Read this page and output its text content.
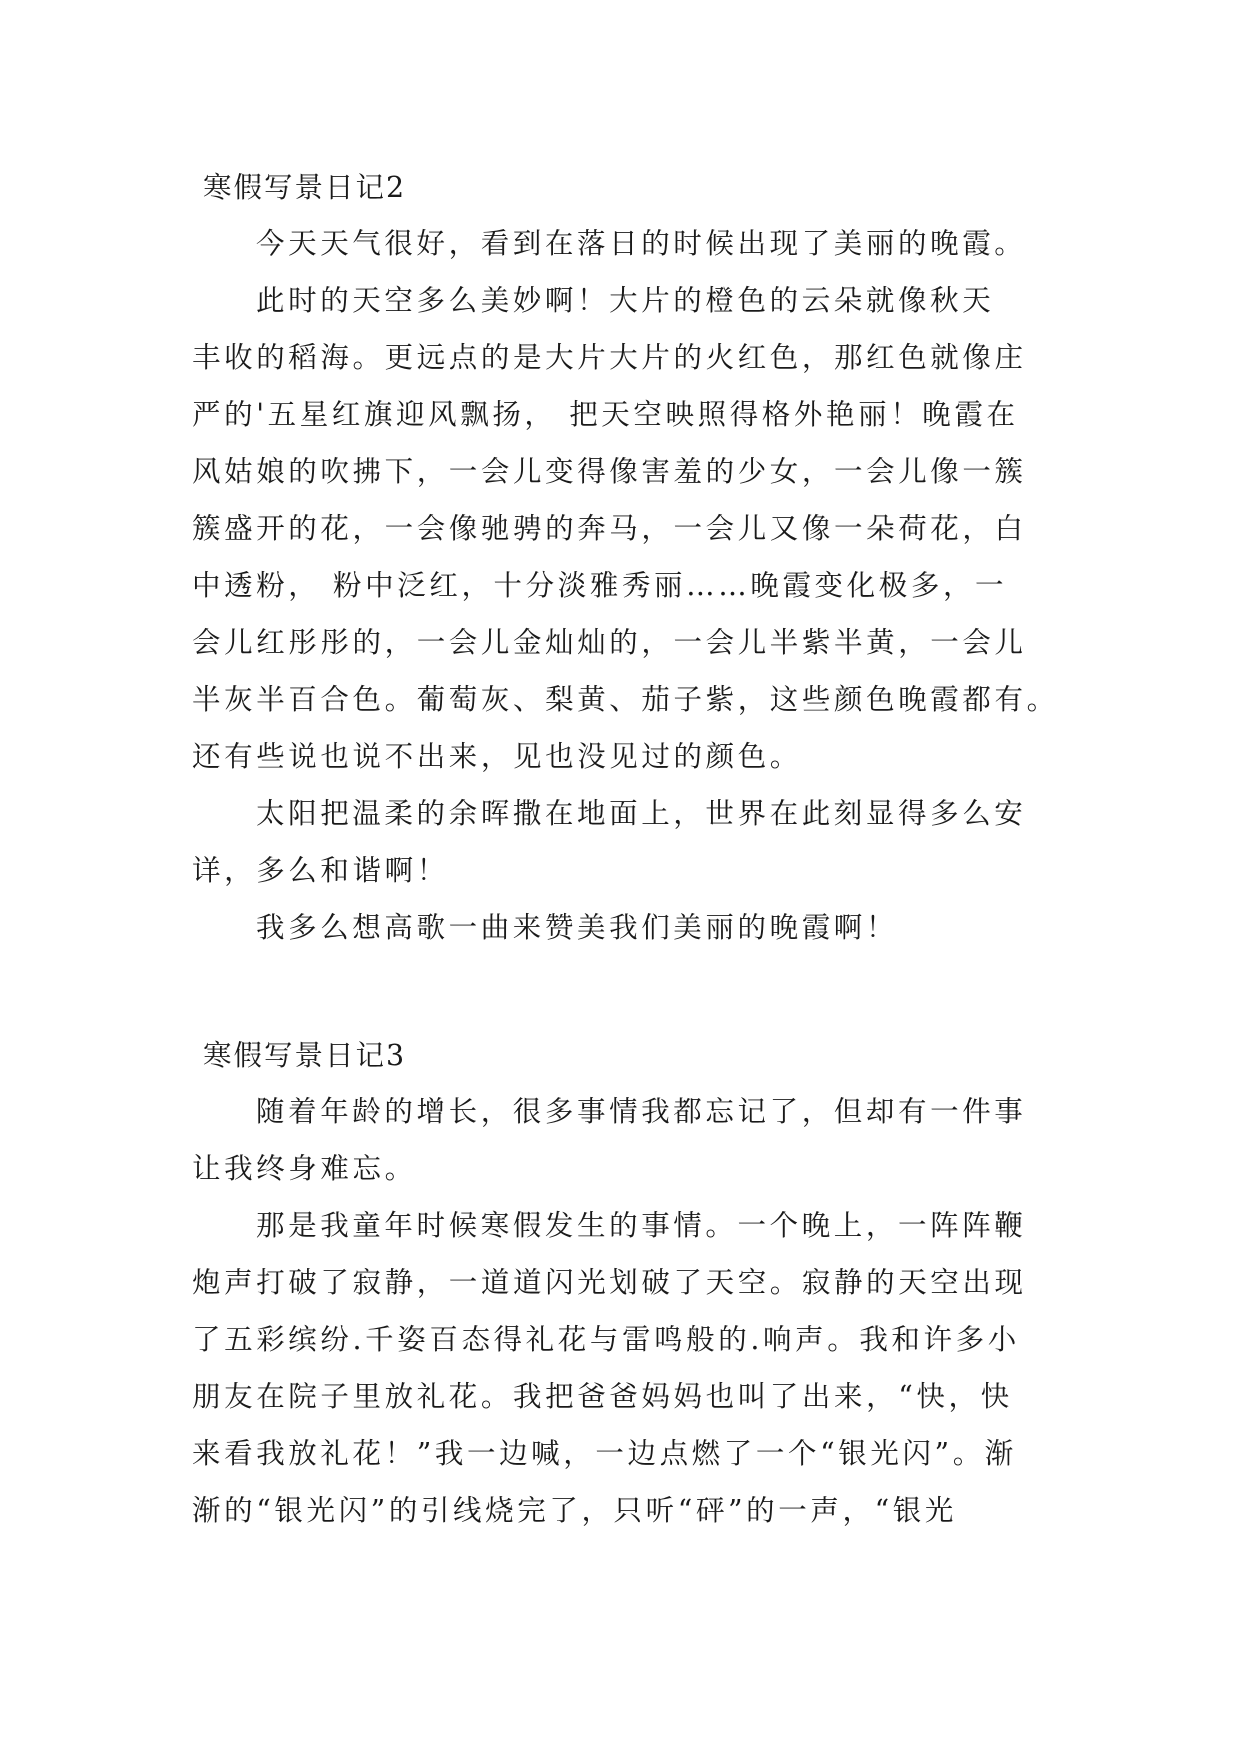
寒假写景日记2
今天天气很好，看到在落日的时候出现了美丽的晚霞。
此时的天空多么美妙啊！大片的橙色的云朵就像秋天
丰收的稻海。更远点的是大片大片的火红色，那红色就像庄
严的'五星红旗迎风飘扬， 把天空映照得格外艳丽！晚霞在
风姑娘的吹拂下，一会儿变得像害羞的少女，一会儿像一簇
簇盛开的花，一会像驰骋的奔马，一会儿又像一朵荷花，白
中透粉， 粉中泛红，十分淡雅秀丽……晚霞变化极多，一
会儿红彤彤的，一会儿金灿灿的，一会儿半紫半黄，一会儿
半灰半百合色。葡萄灰、梨黄、茄子紫，这些颜色晚霞都有。
还有些说也说不出来，见也没见过的颜色。
太阳把温柔的余晖撒在地面上，世界在此刻显得多么安
详，多么和谐啊！
我多么想高歌一曲来赞美我们美丽的晚霞啊！
寒假写景日记3
随着年龄的增长，很多事情我都忘记了，但却有一件事
让我终身难忘。
那是我童年时候寒假发生的事情。一个晚上，一阵阵鞭
炮声打破了寂静，一道道闪光划破了天空。寂静的天空出现
了五彩缤纷.千姿百态得礼花与雷鸣般的.响声。我和许多小
朋友在院子里放礼花。我把爸爸妈妈也叫了出来，“快，快
来看我放礼花！”我一边喊，一边点燃了一个“银光闪”。渐
渐的“银光闪”的引线烧完了，只听“砰”的一声，“银光
